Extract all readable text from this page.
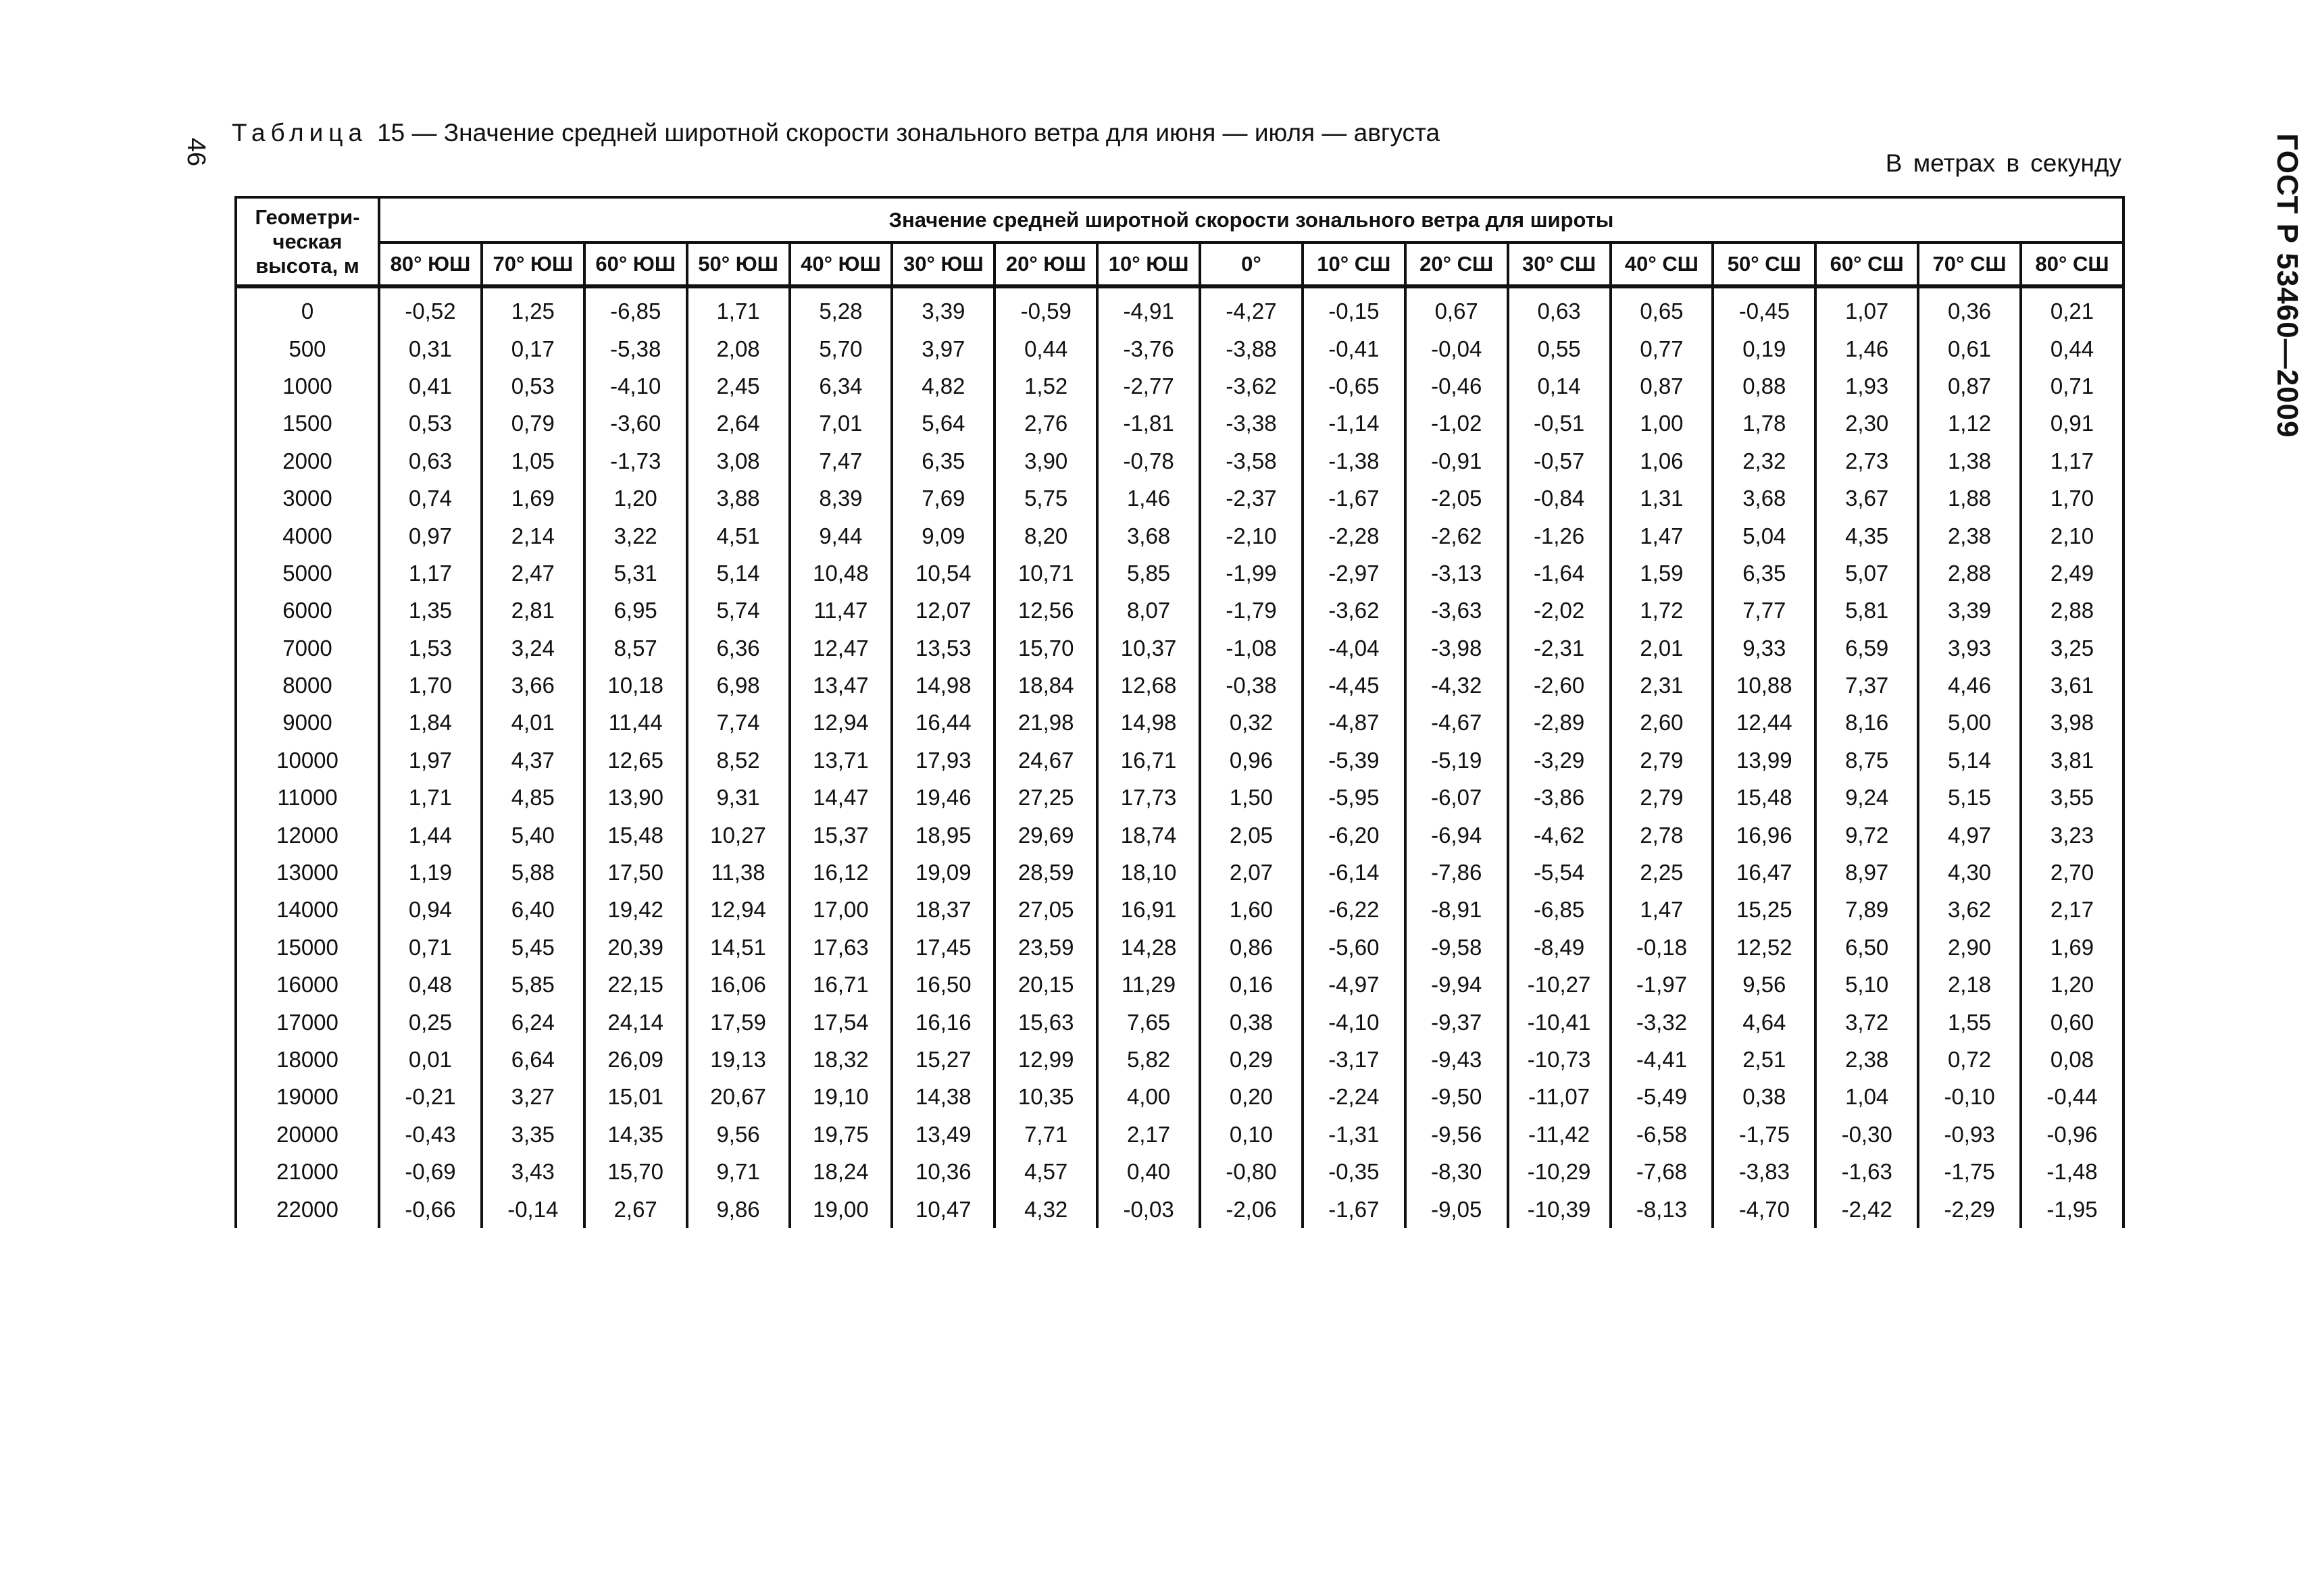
46
Таблица 15 — Значение средней широтной скорости зонального ветра для июня — июля — августа
В метрах в секунду	ГОСТ Р 53460—2009
Геометри-ческая высота, м	Значение средней широтной скорости зонального ветра для широты																
	80° ЮШ	70° ЮШ	60° ЮШ	50° ЮШ	40° ЮШ	30° ЮШ	20° ЮШ	10° ЮШ	0°	10° СШ	20° СШ	30° СШ	40° СШ	50° СШ	60° СШ	70° СШ	80° СШ
0	-0,52	1,25	-6,85	1,71	5,28	3,39	-0,59	-4,91	-4,27	-0,15	0,67	0,63	0,65	-0,45	1,07	0,36	0,21
500	0,31	0,17	-5,38	2,08	5,70	3,97	0,44	-3,76	-3,88	-0,41	-0,04	0,55	0,77	0,19	1,46	0,61	0,44
1000	0,41	0,53	-4,10	2,45	6,34	4,82	1,52	-2,77	-3,62	-0,65	-0,46	0,14	0,87	0,88	1,93	0,87	0,71
1500	0,53	0,79	-3,60	2,64	7,01	5,64	2,76	-1,81	-3,38	-1,14	-1,02	-0,51	1,00	1,78	2,30	1,12	0,91
2000	0,63	1,05	-1,73	3,08	7,47	6,35	3,90	-0,78	-3,58	-1,38	-0,91	-0,57	1,06	2,32	2,73	1,38	1,17
3000	0,74	1,69	1,20	3,88	8,39	7,69	5,75	1,46	-2,37	-1,67	-2,05	-0,84	1,31	3,68	3,67	1,88	1,70
4000	0,97	2,14	3,22	4,51	9,44	9,09	8,20	3,68	-2,10	-2,28	-2,62	-1,26	1,47	5,04	4,35	2,38	2,10
5000	1,17	2,47	5,31	5,14	10,48	10,54	10,71	5,85	-1,99	-2,97	-3,13	-1,64	1,59	6,35	5,07	2,88	2,49
6000	1,35	2,81	6,95	5,74	11,47	12,07	12,56	8,07	-1,79	-3,62	-3,63	-2,02	1,72	7,77	5,81	3,39	2,88
7000	1,53	3,24	8,57	6,36	12,47	13,53	15,70	10,37	-1,08	-4,04	-3,98	-2,31	2,01	9,33	6,59	3,93	3,25
8000	1,70	3,66	10,18	6,98	13,47	14,98	18,84	12,68	-0,38	-4,45	-4,32	-2,60	2,31	10,88	7,37	4,46	3,61
9000	1,84	4,01	11,44	7,74	12,94	16,44	21,98	14,98	0,32	-4,87	-4,67	-2,89	2,60	12,44	8,16	5,00	3,98
10000	1,97	4,37	12,65	8,52	13,71	17,93	24,67	16,71	0,96	-5,39	-5,19	-3,29	2,79	13,99	8,75	5,14	3,81
11000	1,71	4,85	13,90	9,31	14,47	19,46	27,25	17,73	1,50	-5,95	-6,07	-3,86	2,79	15,48	9,24	5,15	3,55
12000	1,44	5,40	15,48	10,27	15,37	18,95	29,69	18,74	2,05	-6,20	-6,94	-4,62	2,78	16,96	9,72	4,97	3,23
13000	1,19	5,88	17,50	11,38	16,12	19,09	28,59	18,10	2,07	-6,14	-7,86	-5,54	2,25	16,47	8,97	4,30	2,70
14000	0,94	6,40	19,42	12,94	17,00	18,37	27,05	16,91	1,60	-6,22	-8,91	-6,85	1,47	15,25	7,89	3,62	2,17
15000	0,71	5,45	20,39	14,51	17,63	17,45	23,59	14,28	0,86	-5,60	-9,58	-8,49	-0,18	12,52	6,50	2,90	1,69
16000	0,48	5,85	22,15	16,06	16,71	16,50	20,15	11,29	0,16	-4,97	-9,94	-10,27	-1,97	9,56	5,10	2,18	1,20
17000	0,25	6,24	24,14	17,59	17,54	16,16	15,63	7,65	0,38	-4,10	-9,37	-10,41	-3,32	4,64	3,72	1,55	0,60
18000	0,01	6,64	26,09	19,13	18,32	15,27	12,99	5,82	0,29	-3,17	-9,43	-10,73	-4,41	2,51	2,38	0,72	0,08
19000	-0,21	3,27	15,01	20,67	19,10	14,38	10,35	4,00	0,20	-2,24	-9,50	-11,07	-5,49	0,38	1,04	-0,10	-0,44
20000	-0,43	3,35	14,35	9,56	19,75	13,49	7,71	2,17	0,10	-1,31	-9,56	-11,42	-6,58	-1,75	-0,30	-0,93	-0,96
21000	-0,69	3,43	15,70	9,71	18,24	10,36	4,57	0,40	-0,80	-0,35	-8,30	-10,29	-7,68	-3,83	-1,63	-1,75	-1,48
22000	-0,66	-0,14	2,67	9,86	19,00	10,47	4,32	-0,03	-2,06	-1,67	-9,05	-10,39	-8,13	-4,70	-2,42	-2,29	-1,95
